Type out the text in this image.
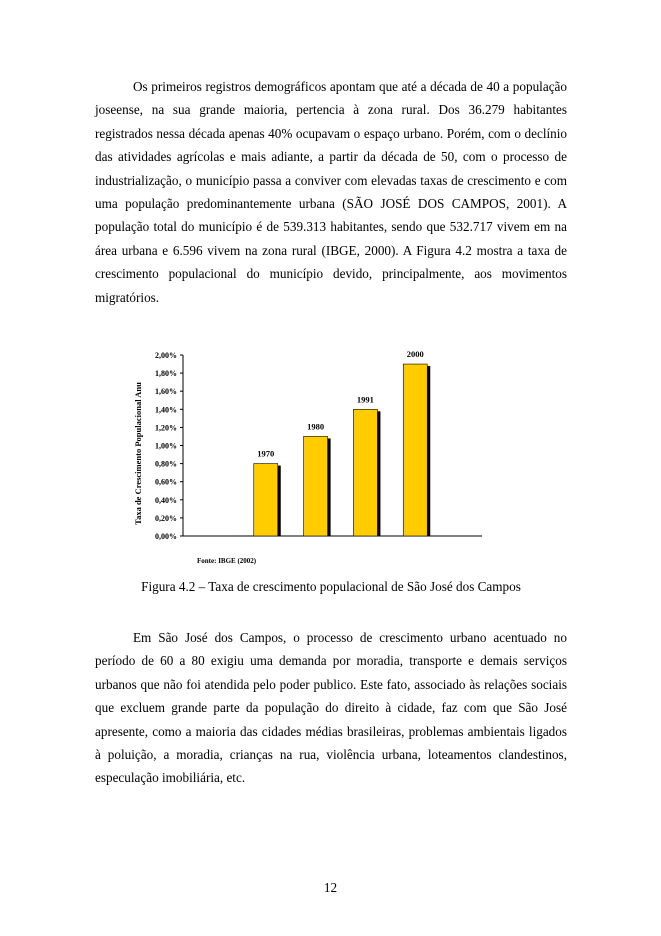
Os primeiros registros demográficos apontam que até a década de 40 a população joseense, na sua grande maioria, pertencia à zona rural. Dos 36.279 habitantes registrados nessa década apenas 40% ocupavam o espaço urbano. Porém, com o declínio das atividades agrícolas e mais adiante, a partir da década de 50, com o processo de industrialização, o município passa a conviver com elevadas taxas de crescimento e com uma população predominantemente urbana (SÃO JOSÉ DOS CAMPOS, 2001). A população total do município é de 539.313 habitantes, sendo que 532.717 vivem em na área urbana e 6.596 vivem na zona rural (IBGE, 2000). A Figura 4.2 mostra a taxa de crescimento populacional do município devido, principalmente, aos movimentos migratórios.

0,00%
0,20%
0,40%
0,60%
0,80%
1,00%
1,20%
1,40%
1,60%
1,80%
2,00%
Taxa de Crescimento Populacional Anu	1970
1980
1991
2000
Fonte: IBGE (2002)

Figura 4.2 – Taxa de crescimento populacional de São José dos Campos

Em São José dos Campos, o processo de crescimento urbano acentuado no período de 60 a 80 exigiu uma demanda por moradia, transporte e demais serviços urbanos que não foi atendida pelo poder publico. Este fato, associado às relações sociais que excluem grande parte da população do direito à cidade, faz com que São José apresente, como a maioria das cidades médias brasileiras, problemas ambientais ligados à poluição, a moradia, crianças na rua, violência urbana, loteamentos clandestinos, especulação imobiliária, etc.

12
